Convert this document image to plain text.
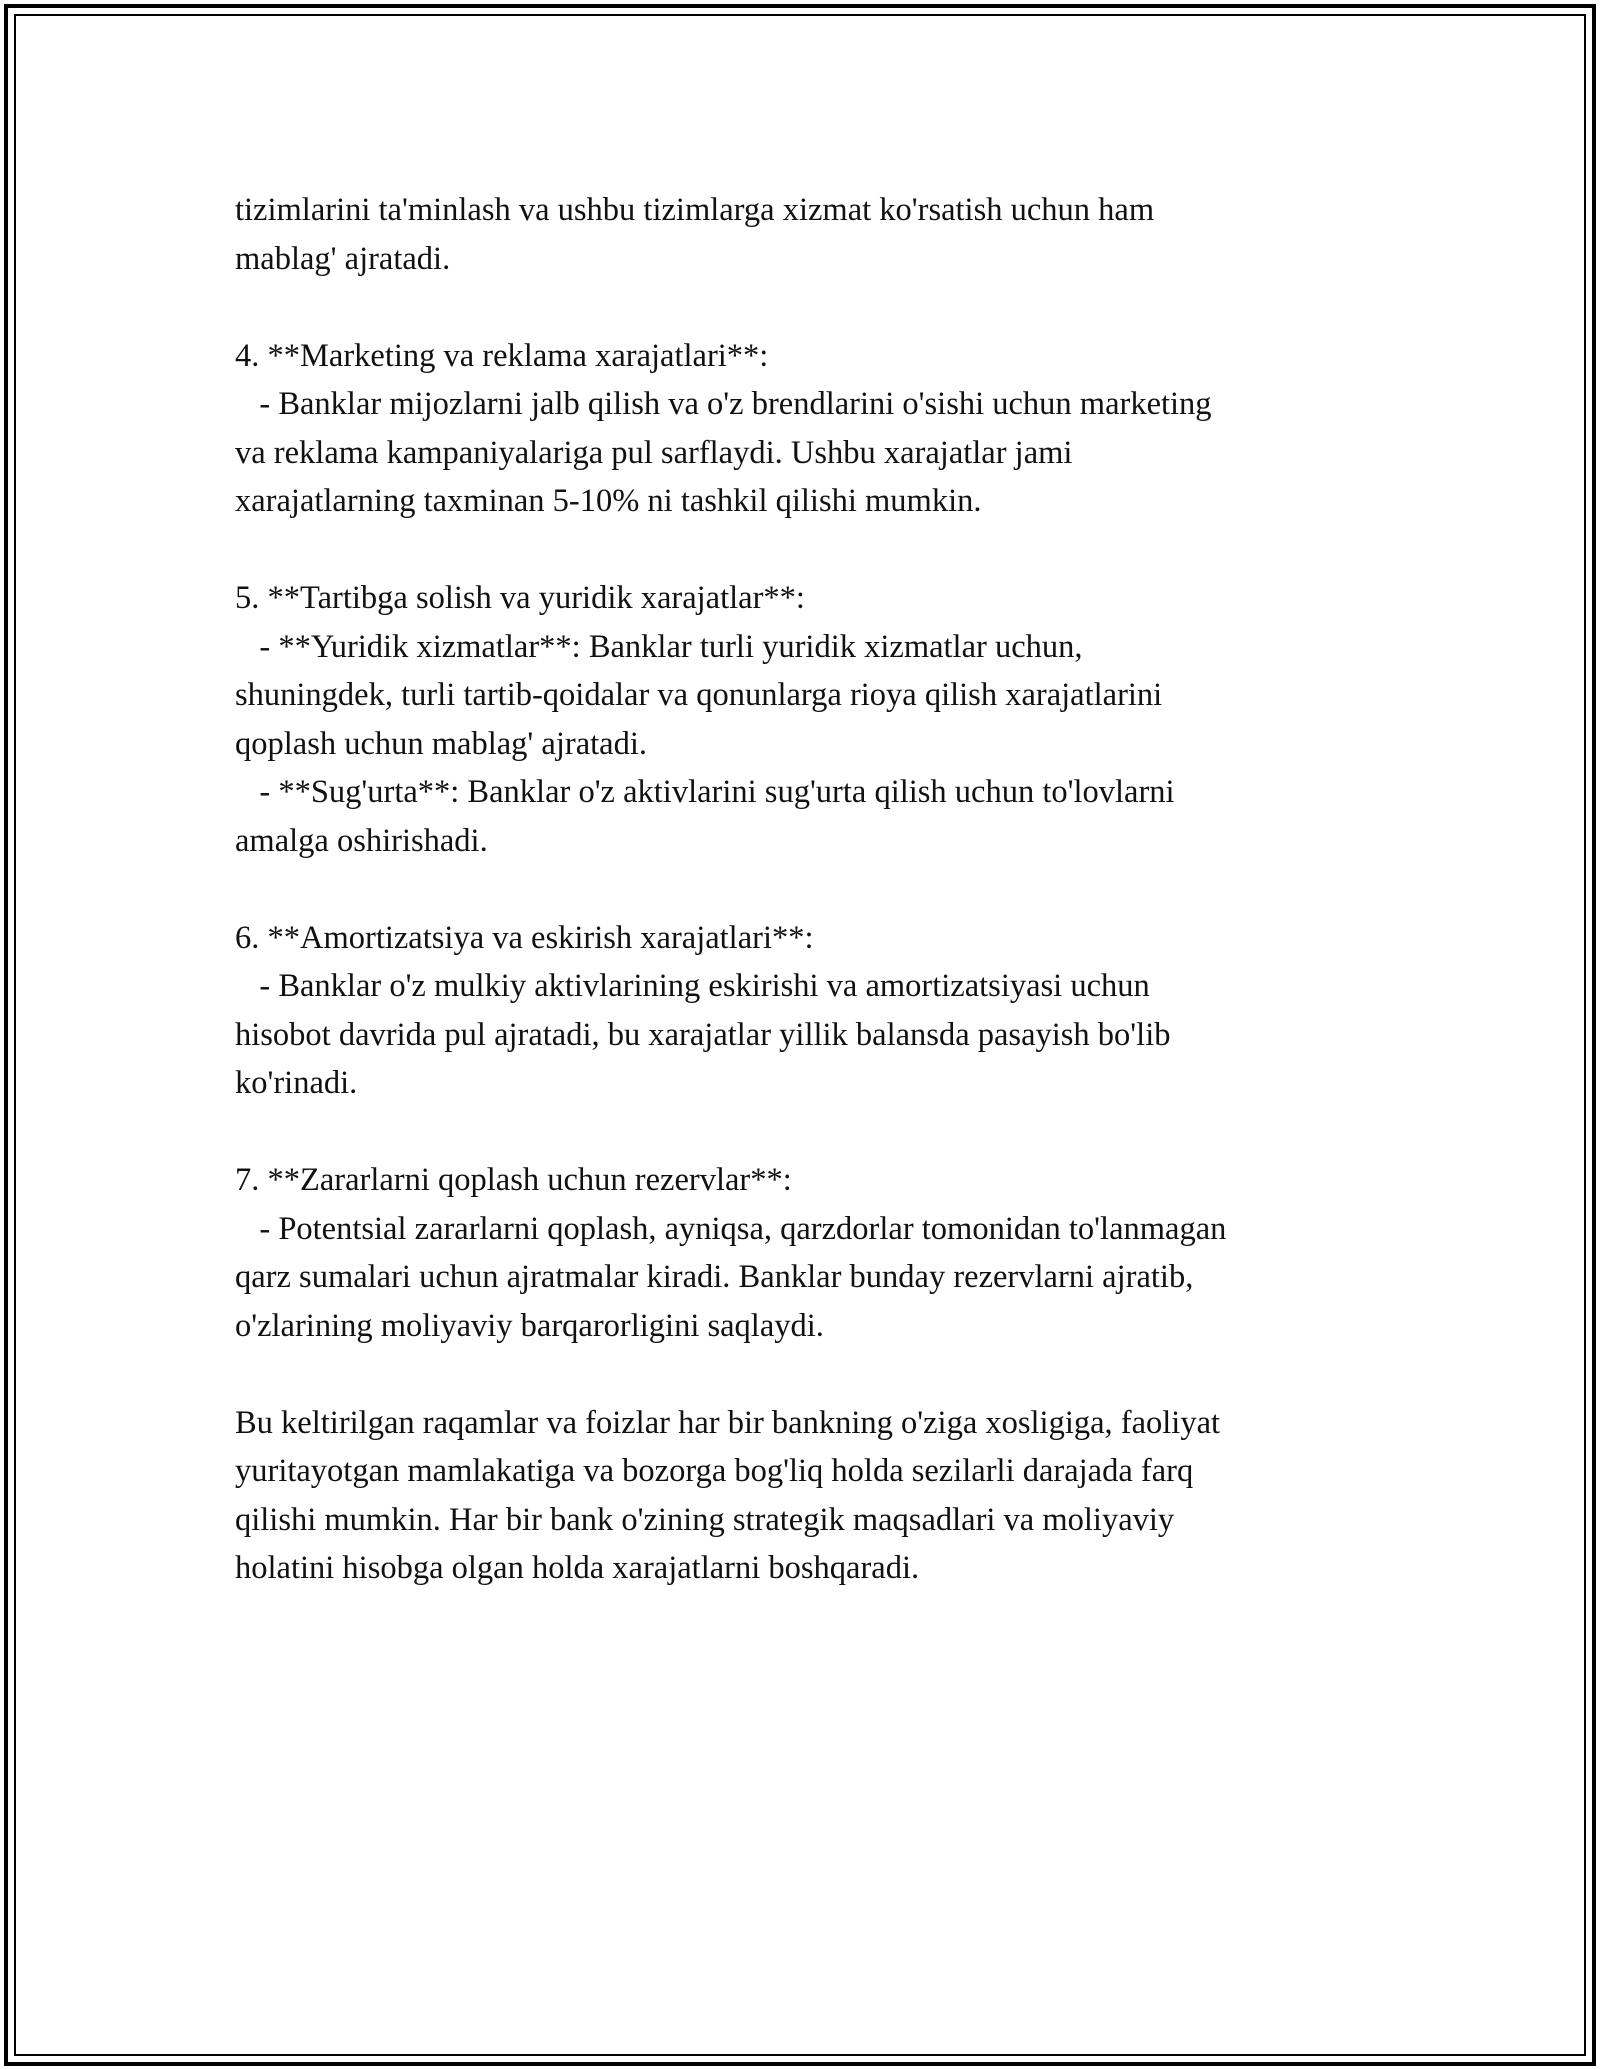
tizimlarini ta'minlash va ushbu tizimlarga xizmat ko'rsatish uchun ham
mablag' ajratadi.
4. **Marketing va reklama xarajatlari**:
- Banklar mijozlarni jalb qilish va o'z brendlarini o'sishi uchun marketing
va reklama kampaniyalariga pul sarflaydi. Ushbu xarajatlar jami
xarajatlarning taxminan 5-10% ni tashkil qilishi mumkin.
5. **Tartibga solish va yuridik xarajatlar**:
- **Yuridik xizmatlar**: Banklar turli yuridik xizmatlar uchun,
shuningdek, turli tartib-qoidalar va qonunlarga rioya qilish xarajatlarini
qoplash uchun mablag' ajratadi.
- **Sug'urta**: Banklar o'z aktivlarini sug'urta qilish uchun to'lovlarni
amalga oshirishadi.
6. **Amortizatsiya va eskirish xarajatlari**:
- Banklar o'z mulkiy aktivlarining eskirishi va amortizatsiyasi uchun
hisobot davrida pul ajratadi, bu xarajatlar yillik balansda pasayish bo'lib
ko'rinadi.
7. **Zararlarni qoplash uchun rezervlar**:
- Potentsial zararlarni qoplash, ayniqsa, qarzdorlar tomonidan to'lanmagan
qarz sumalari uchun ajratmalar kiradi. Banklar bunday rezervlarni ajratib,
o'zlarining moliyaviy barqarorligini saqlaydi.
Bu keltirilgan raqamlar va foizlar har bir bankning o'ziga xosligiga, faoliyat
yuritayotgan mamlakatiga va bozorga bog'liq holda sezilarli darajada farq
qilishi mumkin. Har bir bank o'zining strategik maqsadlari va moliyaviy
holatini hisobga olgan holda xarajatlarni boshqaradi.
